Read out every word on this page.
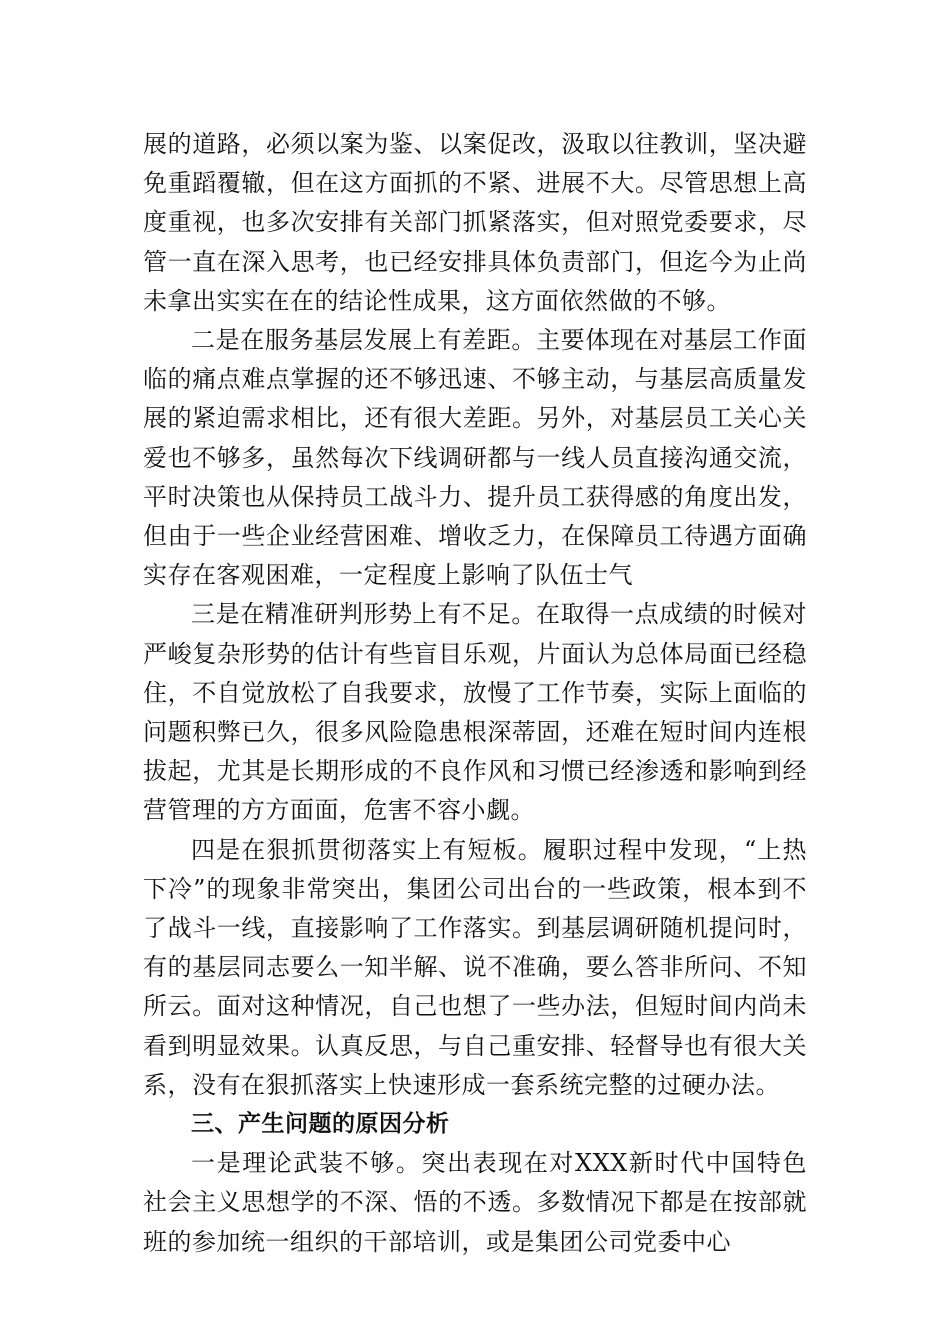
展的道路，必须以案为鉴、以案促改，汲取以往教训，坚决避免重蹈覆辙，但在这方面抓的不紧、进展不大。尽管思想上高度重视，也多次安排有关部门抓紧落实，但对照党委要求，尽管一直在深入思考，也已经安排具体负责部门，但迄今为止尚未拿出实实在在的结论性成果，这方面依然做的不够。

二是在服务基层发展上有差距。主要体现在对基层工作面临的痛点难点掌握的还不够迅速、不够主动，与基层高质量发展的紧迫需求相比，还有很大差距。另外，对基层员工关心关爱也不够多，虽然每次下线调研都与一线人员直接沟通交流，平时决策也从保持员工战斗力、提升员工获得感的角度出发，但由于一些企业经营困难、增收乏力，在保障员工待遇方面确实存在客观困难，一定程度上影响了队伍士气

三是在精准研判形势上有不足。在取得一点成绩的时候对严峻复杂形势的估计有些盲目乐观，片面认为总体局面已经稳住，不自觉放松了自我要求，放慢了工作节奏，实际上面临的问题积弊已久，很多风险隐患根深蒂固，还难在短时间内连根拔起，尤其是长期形成的不良作风和习惯已经渗透和影响到经营管理的方方面面，危害不容小觑。

四是在狠抓贯彻落实上有短板。履职过程中发现，“上热下冷”的现象非常突出，集团公司出台的一些政策，根本到不了战斗一线，直接影响了工作落实。到基层调研随机提问时，有的基层同志要么一知半解、说不准确，要么答非所问、不知所云。面对这种情况，自己也想了一些办法，但短时间内尚未看到明显效果。认真反思，与自己重安排、轻督导也有很大关系，没有在狠抓落实上快速形成一套系统完整的过硬办法。

三、产生问题的原因分析

一是理论武装不够。突出表现在对XXX新时代中国特色社会主义思想学的不深、悟的不透。多数情况下都是在按部就班的参加统一组织的干部培训，或是集团公司党委中心
